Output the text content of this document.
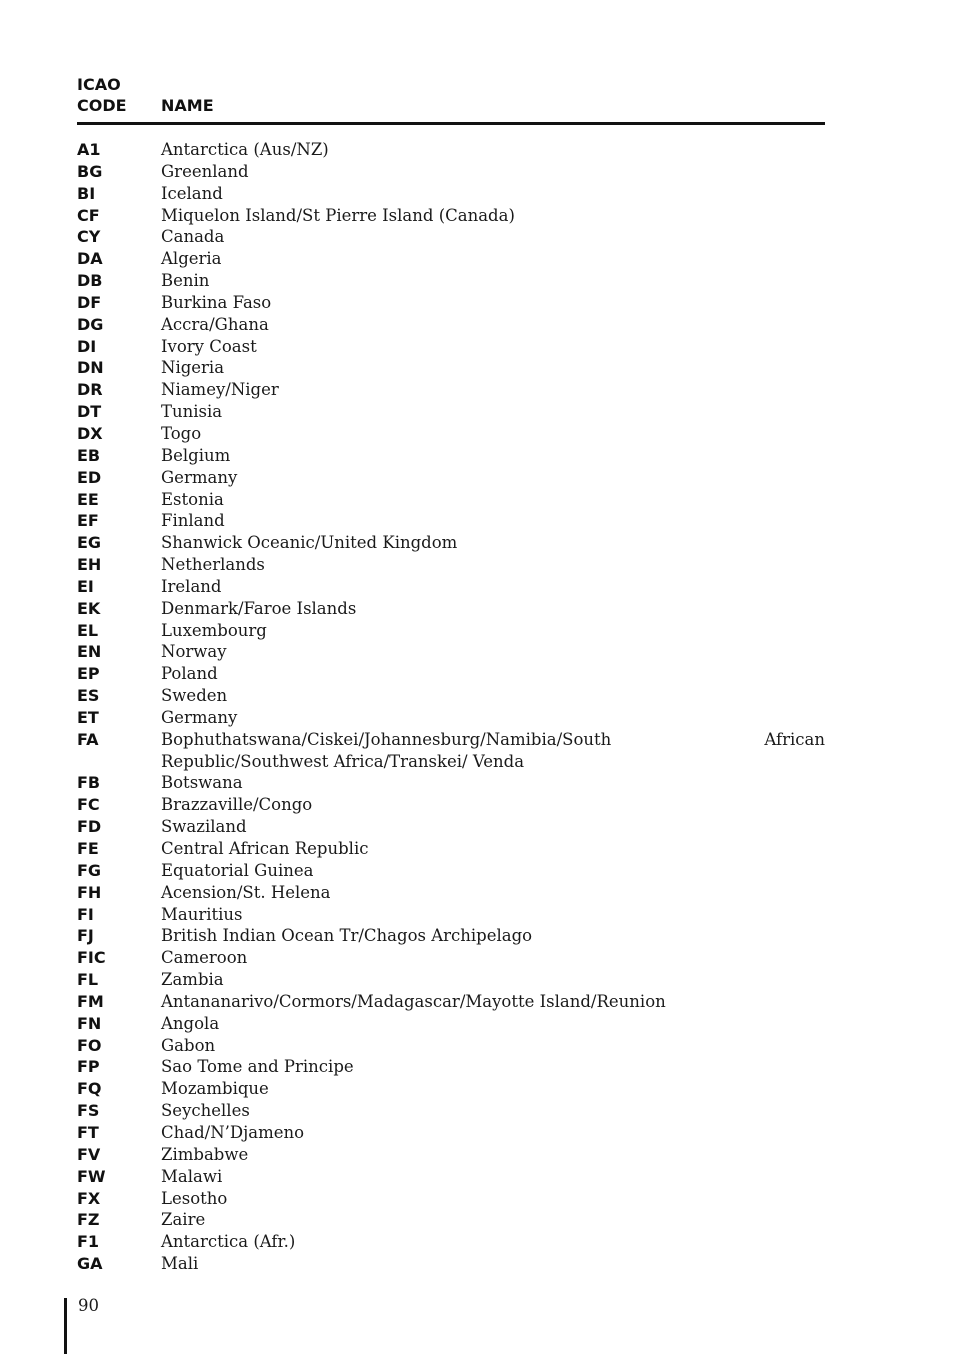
ICAO
CODE NAME
A1	Antarctica (Aus/NZ)
BG	Greenland
BI	Iceland
CF	Miquelon Island/St Pierre Island (Canada)
CY	Canada
DA	Algeria
DB	Benin
DF	Burkina Faso
DG	Accra/Ghana
DI	Ivory Coast
DN	Nigeria
DR	Niamey/Niger
DT	Tunisia
DX	Togo
EB	Belgium
ED	Germany
EE	Estonia
EF	Finland
EG	Shanwick Oceanic/United Kingdom
EH	Netherlands
EI	Ireland
EK	Denmark/Faroe Islands
EL	Luxembourg
EN	Norway
EP	Poland
ES	Sweden
ET	Germany
FA	Bophuthatswana/Ciskei/Johannesburg/Namibia/South African Republic/Southwest Africa/Transkei/ Venda
FB	Botswana
FC	Brazzaville/Congo
FD	Swaziland
FE	Central African Republic
FG	Equatorial Guinea
FH	Acension/St. Helena
FI	Mauritius
FJ	British Indian Ocean Tr/Chagos Archipelago
FIC	Cameroon
FL	Zambia
FM	Antananarivo/Cormors/Madagascar/Mayotte Island/Reunion
FN	Angola
FO	Gabon
FP	Sao Tome and Principe
FQ	Mozambique
FS	Seychelles
FT	Chad/N’Djameno
FV	Zimbabwe
FW	Malawi
FX	Lesotho
FZ	Zaire
F1	Antarctica (Afr.)
GA	Mali
90
